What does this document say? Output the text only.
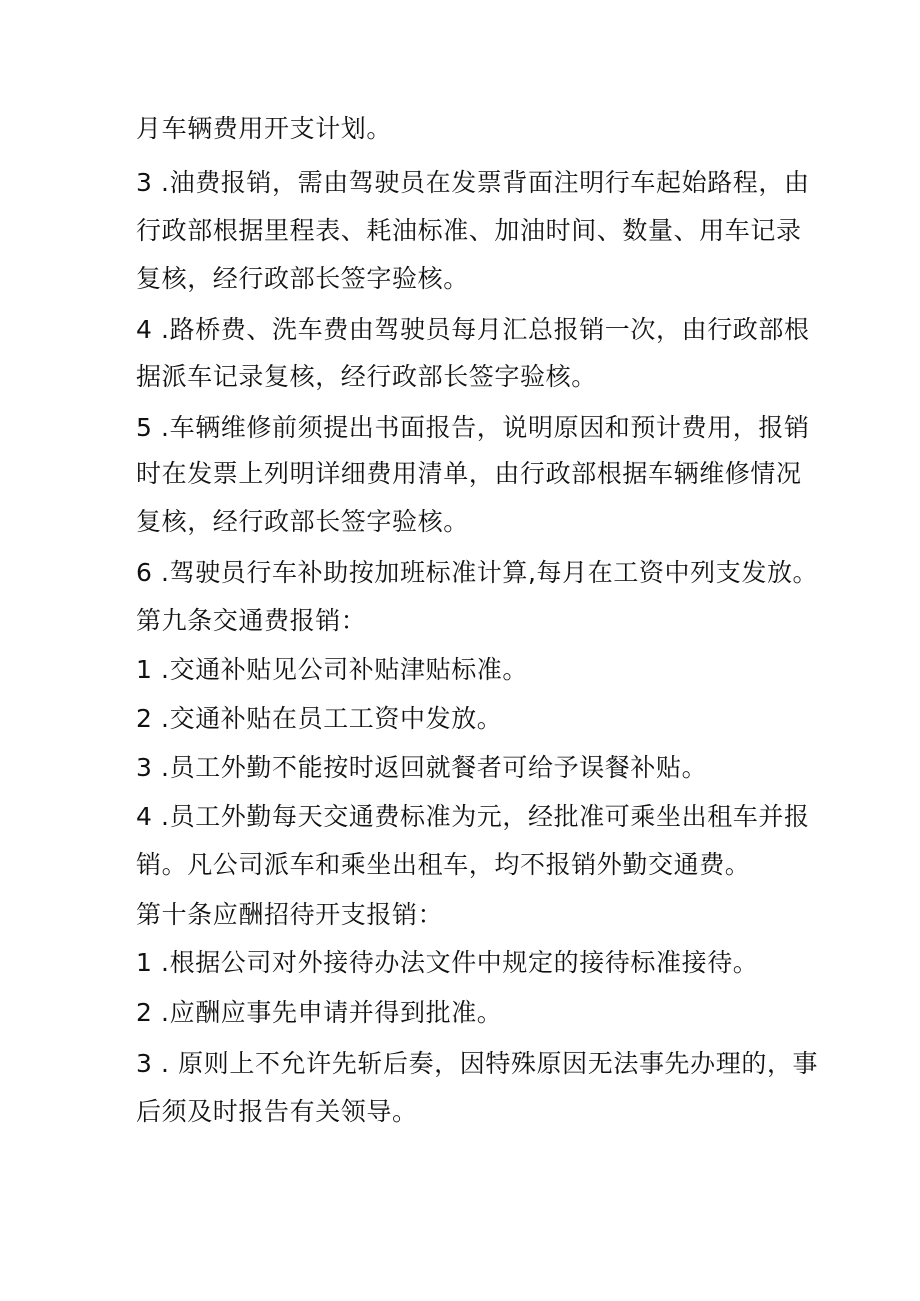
月车辆费用开支计划。
3 .油费报销，需由驾驶员在发票背面注明行车起始路程，由
行政部根据里程表、耗油标准、加油时间、数量、用车记录
复核，经行政部长签字验核。
4 .路桥费、洗车费由驾驶员每月汇总报销一次，由行政部根
据派车记录复核，经行政部长签字验核。
5 .车辆维修前须提出书面报告，说明原因和预计费用，报销
时在发票上列明详细费用清单，由行政部根据车辆维修情况
复核，经行政部长签字验核。
6 .驾驶员行车补助按加班标准计算,每月在工资中列支发放。
第九条交通费报销：
1 .交通补贴见公司补贴津贴标准。
2 .交通补贴在员工工资中发放。
3 .员工外勤不能按时返回就餐者可给予误餐补贴。
4 .员工外勤每天交通费标准为元，经批准可乘坐出租车并报
销。凡公司派车和乘坐出租车，均不报销外勤交通费。
第十条应酬招待开支报销：
1 .根据公司对外接待办法文件中规定的接待标准接待。
2 .应酬应事先申请并得到批准。
3 . 原则上不允许先斩后奏，因特殊原因无法事先办理的，事
后须及时报告有关领导。
